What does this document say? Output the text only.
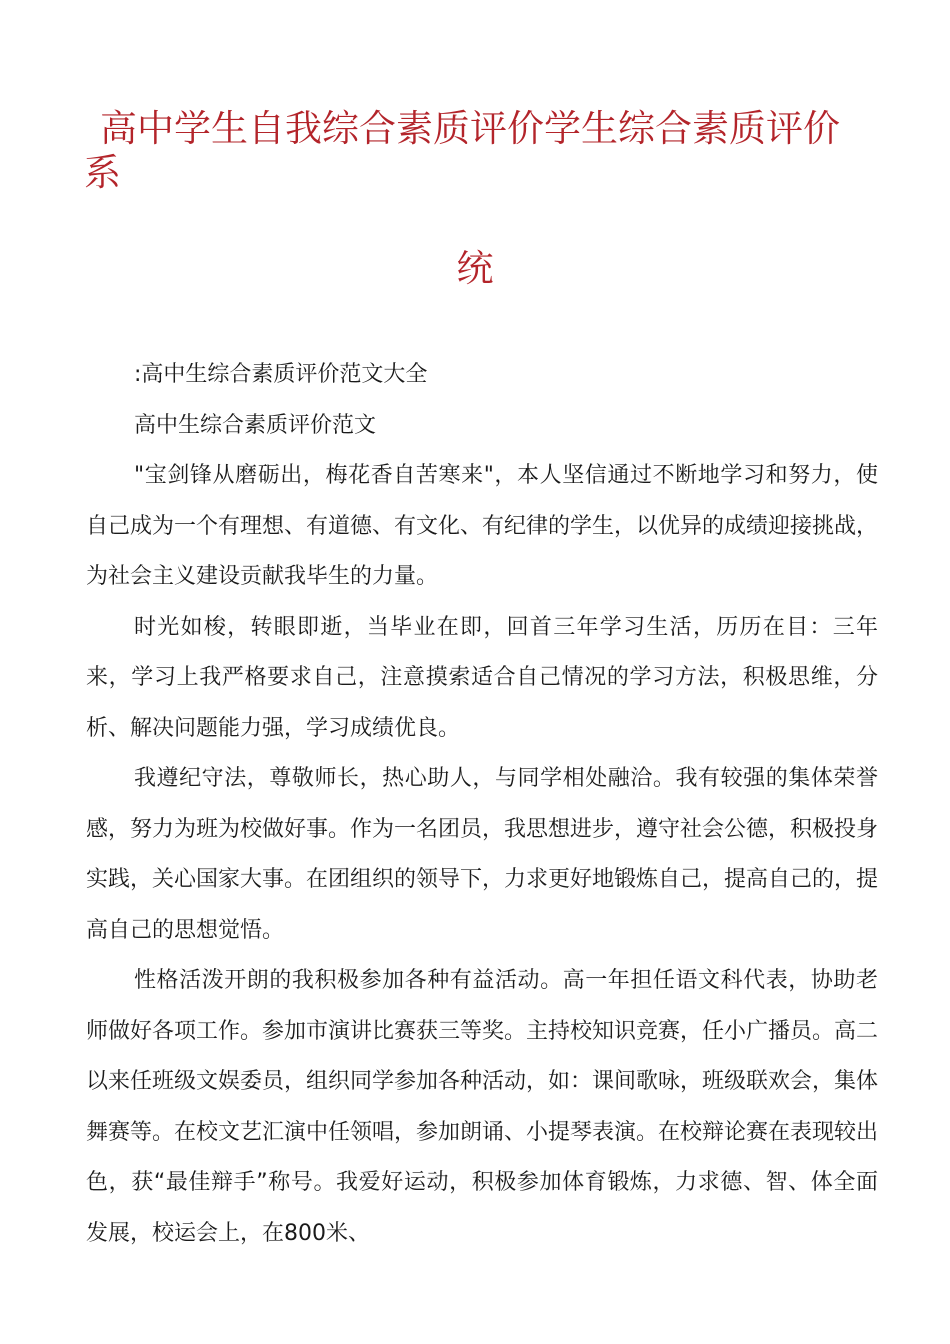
高中学生自我综合素质评价学生综合素质评价
系
统

:高中生综合素质评价范文大全

高中生综合素质评价范文

"宝剑锋从磨砺出，梅花香自苦寒来"，本人坚信通过不断地学习和努力，使自己成为一个有理想、有道德、有文化、有纪律的学生，以优异的成绩迎接挑战，为社会主义建设贡献我毕生的力量。

时光如梭，转眼即逝，当毕业在即，回首三年学习生活，历历在目：三年来，学习上我严格要求自己，注意摸索适合自己情况的学习方法，积极思维，分析、解决问题能力强，学习成绩优良。

我遵纪守法，尊敬师长，热心助人，与同学相处融洽。我有较强的集体荣誉感，努力为班为校做好事。作为一名团员，我思想进步，遵守社会公德，积极投身实践，关心国家大事。在团组织的领导下，力求更好地锻炼自己，提高自己的，提高自己的思想觉悟。

性格活泼开朗的我积极参加各种有益活动。高一年担任语文科代表，协助老师做好各项工作。参加市演讲比赛获三等奖。主持校知识竞赛，任小广播员。高二以来任班级文娱委员，组织同学参加各种活动，如：课间歌咏，班级联欢会，集体舞赛等。在校文艺汇演中任领唱，参加朗诵、小提琴表演。在校辩论赛在表现较出色，获“最佳辩手”称号。我爱好运动，积极参加体育锻炼，力求德、智、体全面发展，校运会上，在800米、
